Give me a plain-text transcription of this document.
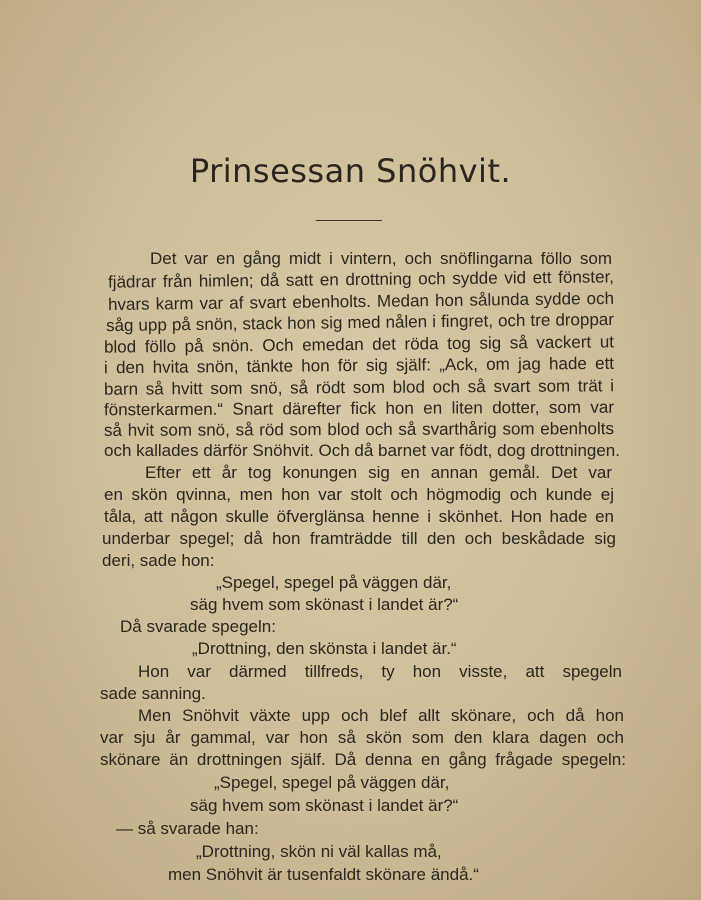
Prinsessan Snöhvit.
Det var en gång midt i vintern, och snöflingarna föllo som
fjädrar från himlen; då satt en drottning och sydde vid ett fönster,
hvars karm var af svart ebenholts. Medan hon sålunda sydde och
såg upp på snön, stack hon sig med nålen i fingret, och tre droppar
blod föllo på snön. Och emedan det röda tog sig så vackert ut
i den hvita snön, tänkte hon för sig själf: „Ack, om jag hade ett
barn så hvitt som snö, så rödt som blod och så svart som trät i
fönsterkarmen.“ Snart därefter fick hon en liten dotter, som var
så hvit som snö, så röd som blod och så svarthårig som ebenholts
och kallades därför Snöhvit. Och då barnet var födt, dog drottningen.
Efter ett år tog konungen sig en annan gemål. Det var
en skön qvinna, men hon var stolt och högmodig och kunde ej
tåla, att någon skulle öfverglänsa henne i skönhet. Hon hade en
underbar spegel; då hon framträdde till den och beskådade sig
deri, sade hon:
„Spegel, spegel på väggen där,
säg hvem som skönast i landet är?“
Då svarade spegeln:
„Drottning, den skönsta i landet är.“
Hon var därmed tillfreds, ty hon visste, att spegeln
sade sanning.
Men Snöhvit växte upp och blef allt skönare, och då hon
var sju år gammal, var hon så skön som den klara dagen och
skönare än drottningen själf. Då denna en gång frågade spegeln:
„Spegel, spegel på väggen där,
säg hvem som skönast i landet är?“
— så svarade han:
„Drottning, skön ni väl kallas må,
men Snöhvit är tusenfaldt skönare ändå.“
